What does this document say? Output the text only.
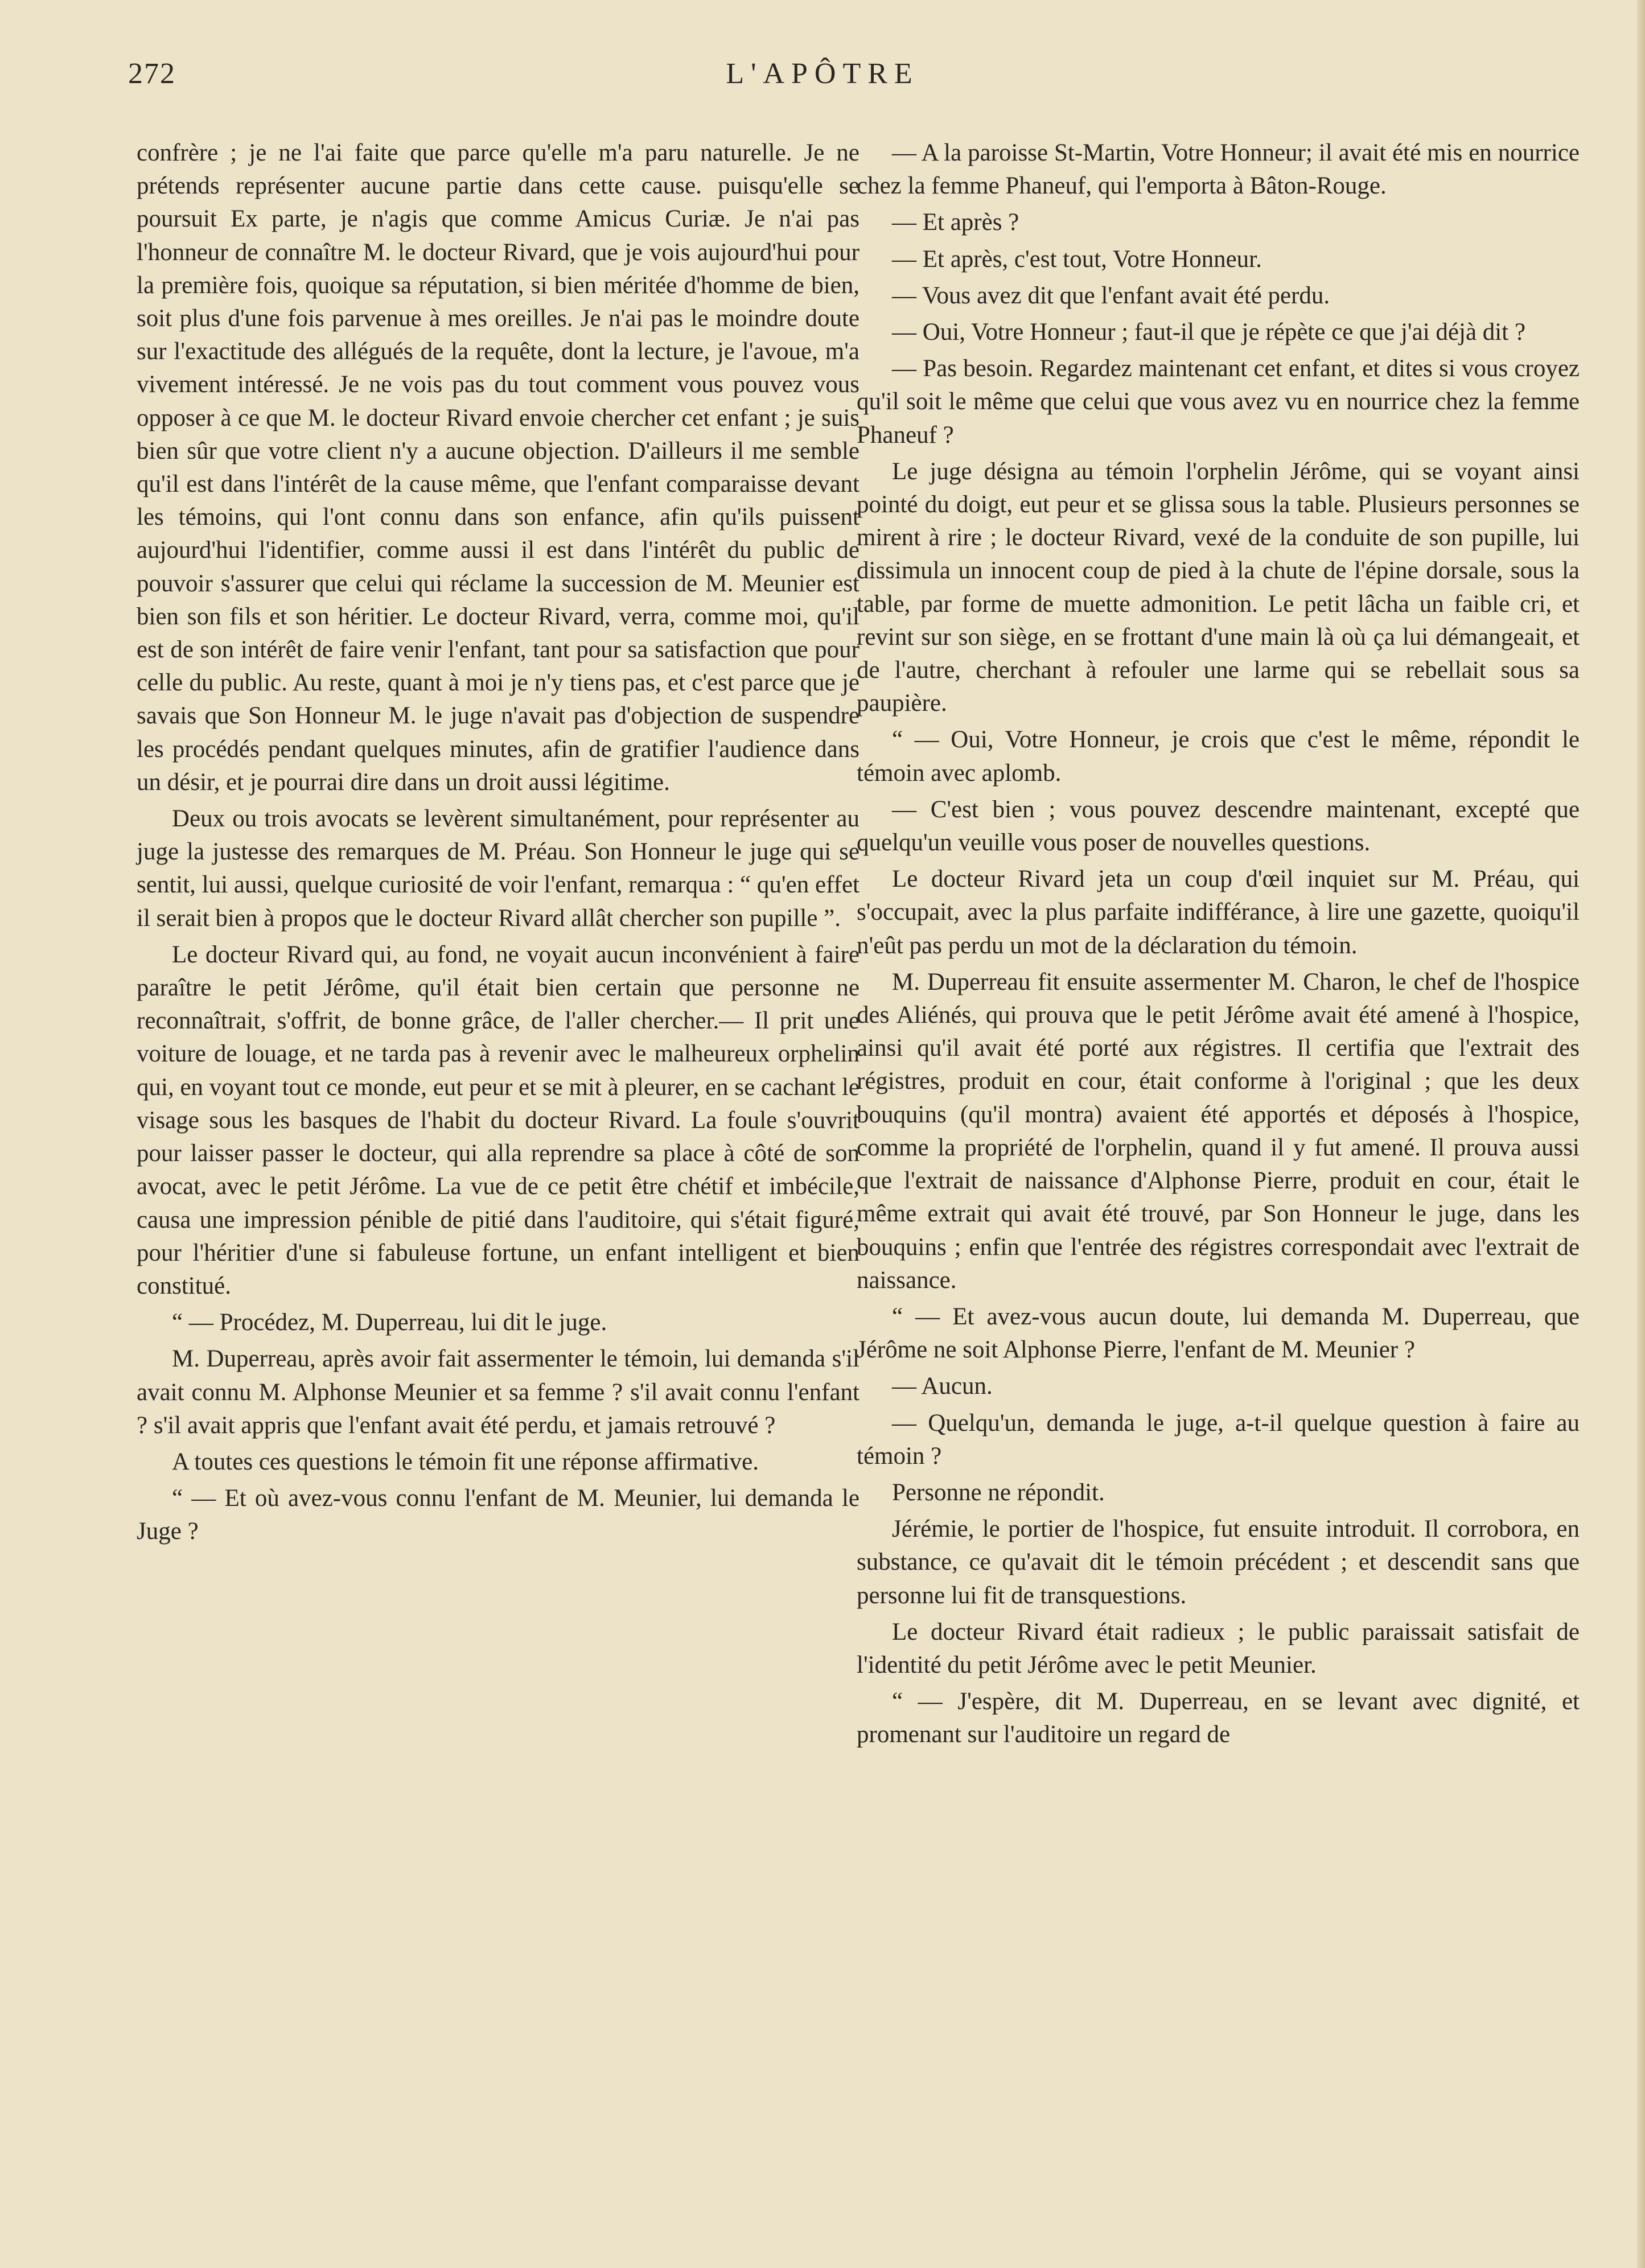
272	L'APÔTRE

confrère ; je ne l'ai faite que parce qu'elle m'a paru naturelle. Je ne prétends représenter aucune partie dans cette cause. puisqu'elle se poursuit Ex parte, je n'agis que comme Amicus Curiæ. Je n'ai pas l'honneur de connaître M. le docteur Rivard, que je vois aujourd'hui pour la première fois, quoique sa réputation, si bien méritée d'homme de bien, soit plus d'une fois parvenue à mes oreilles. Je n'ai pas le moindre doute sur l'exactitude des allégués de la requête, dont la lecture, je l'avoue, m'a vivement intéressé. Je ne vois pas du tout comment vous pouvez vous opposer à ce que M. le docteur Rivard envoie chercher cet enfant ; je suis bien sûr que votre client n'y a aucune objection. D'ailleurs il me semble qu'il est dans l'intérêt de la cause même, que l'enfant comparaisse devant les témoins, qui l'ont connu dans son enfance, afin qu'ils puissent aujourd'hui l'identifier, comme aussi il est dans l'intérêt du public de pouvoir s'assurer que celui qui réclame la succession de M. Meunier est bien son fils et son héritier. Le docteur Rivard, verra, comme moi, qu'il est de son intérêt de faire venir l'enfant, tant pour sa satisfaction que pour celle du public. Au reste, quant à moi je n'y tiens pas, et c'est parce que je savais que Son Honneur M. le juge n'avait pas d'objection de suspendre les procédés pendant quelques minutes, afin de gratifier l'audience dans un désir, et je pourrai dire dans un droit aussi légitime.

Deux ou trois avocats se levèrent simultanément, pour représenter au juge la justesse des remarques de M. Préau. Son Honneur le juge qui se sentit, lui aussi, quelque curiosité de voir l'enfant, remarqua : “ qu'en effet il serait bien à propos que le docteur Rivard allât chercher son pupille ”.

Le docteur Rivard qui, au fond, ne voyait aucun inconvénient à faire paraître le petit Jérôme, qu'il était bien certain que personne ne reconnaîtrait, s'offrit, de bonne grâce, de l'aller chercher.— Il prit une voiture de louage, et ne tarda pas à revenir avec le malheureux orphelin qui, en voyant tout ce monde, eut peur et se mit à pleurer, en se cachant le visage sous les basques de l'habit du docteur Rivard. La foule s'ouvrit pour laisser passer le docteur, qui alla reprendre sa place à côté de son avocat, avec le petit Jérôme. La vue de ce petit être chétif et imbécile, causa une impression pénible de pitié dans l'auditoire, qui s'était figuré, pour l'héritier d'une si fabuleuse fortune, un enfant intelligent et bien constitué.

“ — Procédez, M. Duperreau, lui dit le juge.

M. Duperreau, après avoir fait assermenter le témoin, lui demanda s'il avait connu M. Alphonse Meunier et sa femme ? s'il avait connu l'enfant ? s'il avait appris que l'enfant avait été perdu, et jamais retrouvé ?

A toutes ces questions le témoin fit une réponse affirmative.

“ — Et où avez-vous connu l'enfant de M. Meunier, lui demanda le Juge ?

— A la paroisse St-Martin, Votre Honneur; il avait été mis en nourrice chez la femme Phaneuf, qui l'emporta à Bâton-Rouge.

— Et après ?

— Et après, c'est tout, Votre Honneur.

— Vous avez dit que l'enfant avait été perdu.

— Oui, Votre Honneur ; faut-il que je répète ce que j'ai déjà dit ?

— Pas besoin. Regardez maintenant cet enfant, et dites si vous croyez qu'il soit le même que celui que vous avez vu en nourrice chez la femme Phaneuf ?

Le juge désigna au témoin l'orphelin Jérôme, qui se voyant ainsi pointé du doigt, eut peur et se glissa sous la table. Plusieurs personnes se mirent à rire ; le docteur Rivard, vexé de la conduite de son pupille, lui dissimula un innocent coup de pied à la chute de l'épine dorsale, sous la table, par forme de muette admonition. Le petit lâcha un faible cri, et revint sur son siège, en se frottant d'une main là où ça lui démangeait, et de l'autre, cherchant à refouler une larme qui se rebellait sous sa paupière.

“ — Oui, Votre Honneur, je crois que c'est le même, répondit le témoin avec aplomb.

— C'est bien ; vous pouvez descendre maintenant, excepté que quelqu'un veuille vous poser de nouvelles questions.

Le docteur Rivard jeta un coup d'œil inquiet sur M. Préau, qui s'occupait, avec la plus parfaite indifférance, à lire une gazette, quoiqu'il n'eût pas perdu un mot de la déclaration du témoin.

M. Duperreau fit ensuite assermenter M. Charon, le chef de l'hospice des Aliénés, qui prouva que le petit Jérôme avait été amené à l'hospice, ainsi qu'il avait été porté aux régistres. Il certifia que l'extrait des régistres, produit en cour, était conforme à l'original ; que les deux bouquins (qu'il montra) avaient été apportés et déposés à l'hospice, comme la propriété de l'orphelin, quand il y fut amené. Il prouva aussi que l'extrait de naissance d'Alphonse Pierre, produit en cour, était le même extrait qui avait été trouvé, par Son Honneur le juge, dans les bouquins ; enfin que l'entrée des régistres correspondait avec l'extrait de naissance.

“ — Et avez-vous aucun doute, lui demanda M. Duperreau, que Jérôme ne soit Alphonse Pierre, l'enfant de M. Meunier ?

— Aucun.

— Quelqu'un, demanda le juge, a-t-il quelque question à faire au témoin ?

Personne ne répondit.

Jérémie, le portier de l'hospice, fut ensuite introduit. Il corrobora, en substance, ce qu'avait dit le témoin précédent ; et descendit sans que personne lui fit de transquestions.

Le docteur Rivard était radieux ; le public paraissait satisfait de l'identité du petit Jérôme avec le petit Meunier.

“ — J'espère, dit M. Duperreau, en se levant avec dignité, et promenant sur l'auditoire un regard de
